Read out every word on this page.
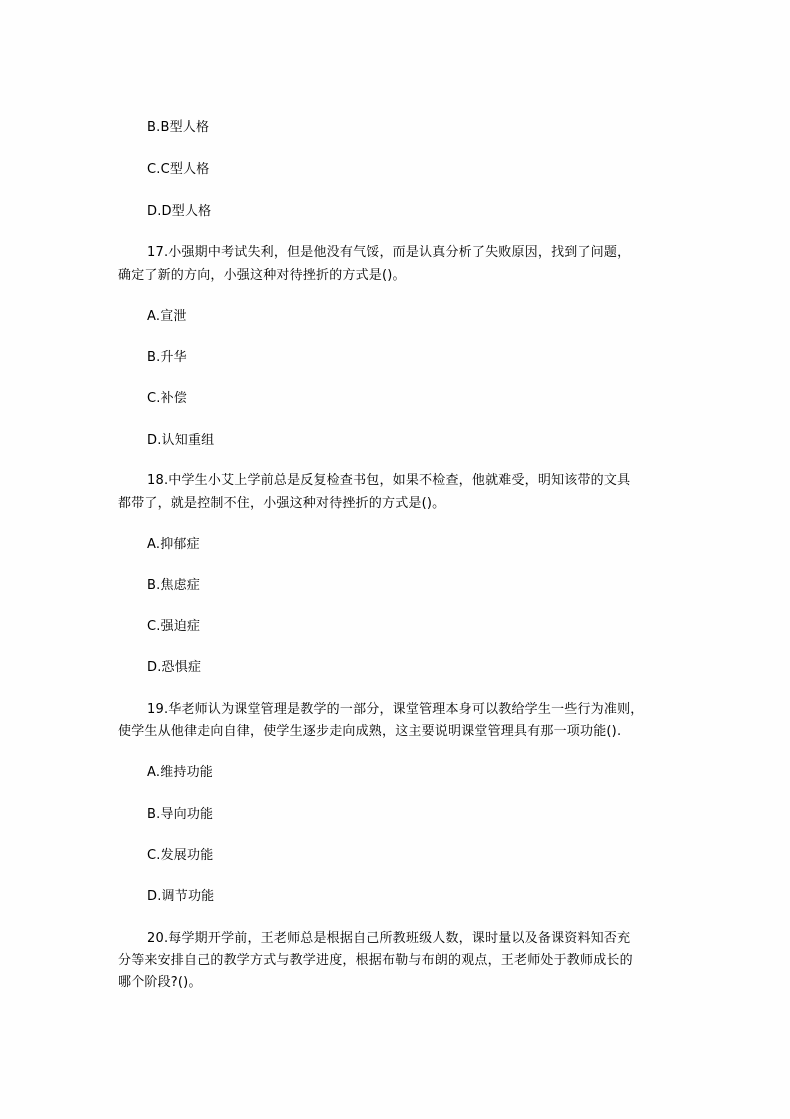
B.B型人格
C.C型人格
D.D型人格
17.小强期中考试失利，但是他没有气馁，而是认真分析了失败原因，找到了问题，
确定了新的方向，小强这种对待挫折的方式是()。
A.宣泄
B.升华
C.补偿
D.认知重组
18.中学生小艾上学前总是反复检查书包，如果不检查，他就难受，明知该带的文具
都带了，就是控制不住，小强这种对待挫折的方式是()。
A.抑郁症
B.焦虑症
C.强迫症
D.恐惧症
19.华老师认为课堂管理是教学的一部分，课堂管理本身可以教给学生一些行为准则，
使学生从他律走向自律，使学生逐步走向成熟，这主要说明课堂管理具有那一项功能().
A.维持功能
B.导向功能
C.发展功能
D.调节功能
20.每学期开学前，王老师总是根据自己所教班级人数，课时量以及备课资料知否充
分等来安排自己的教学方式与教学进度，根据布勒与布朗的观点，王老师处于教师成长的
哪个阶段?()。
